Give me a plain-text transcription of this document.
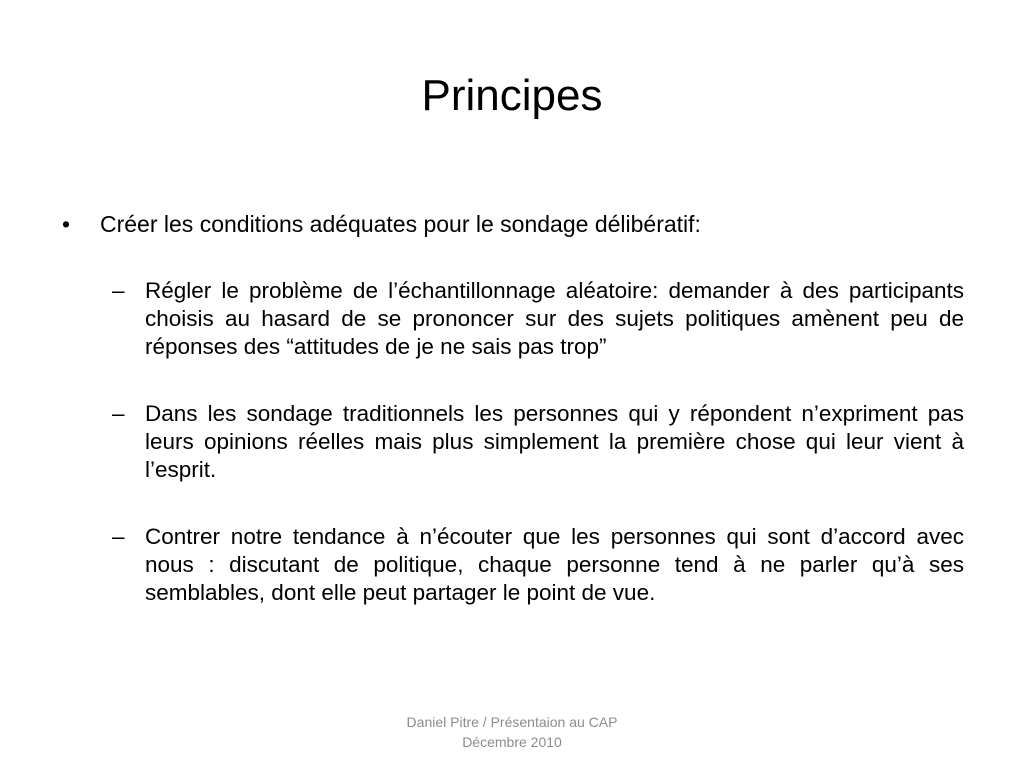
Principes
•	Créer les conditions adéquates pour le sondage délibératif:
– Régler le problème de l’échantillonnage aléatoire: demander à des participants choisis au hasard de se prononcer sur des sujets politiques amènent peu de réponses des “attitudes de je ne sais pas trop”
– Dans les sondage traditionnels les personnes qui y répondent n’expriment pas leurs opinions réelles mais plus simplement la première chose qui leur vient à l’esprit.
– Contrer notre tendance à n’écouter que les personnes qui sont d’accord avec nous : discutant de politique, chaque personne tend à ne parler qu’à ses semblables, dont elle peut partager le point de vue.
Daniel Pitre / Présentaion au CAP
Décembre 2010
